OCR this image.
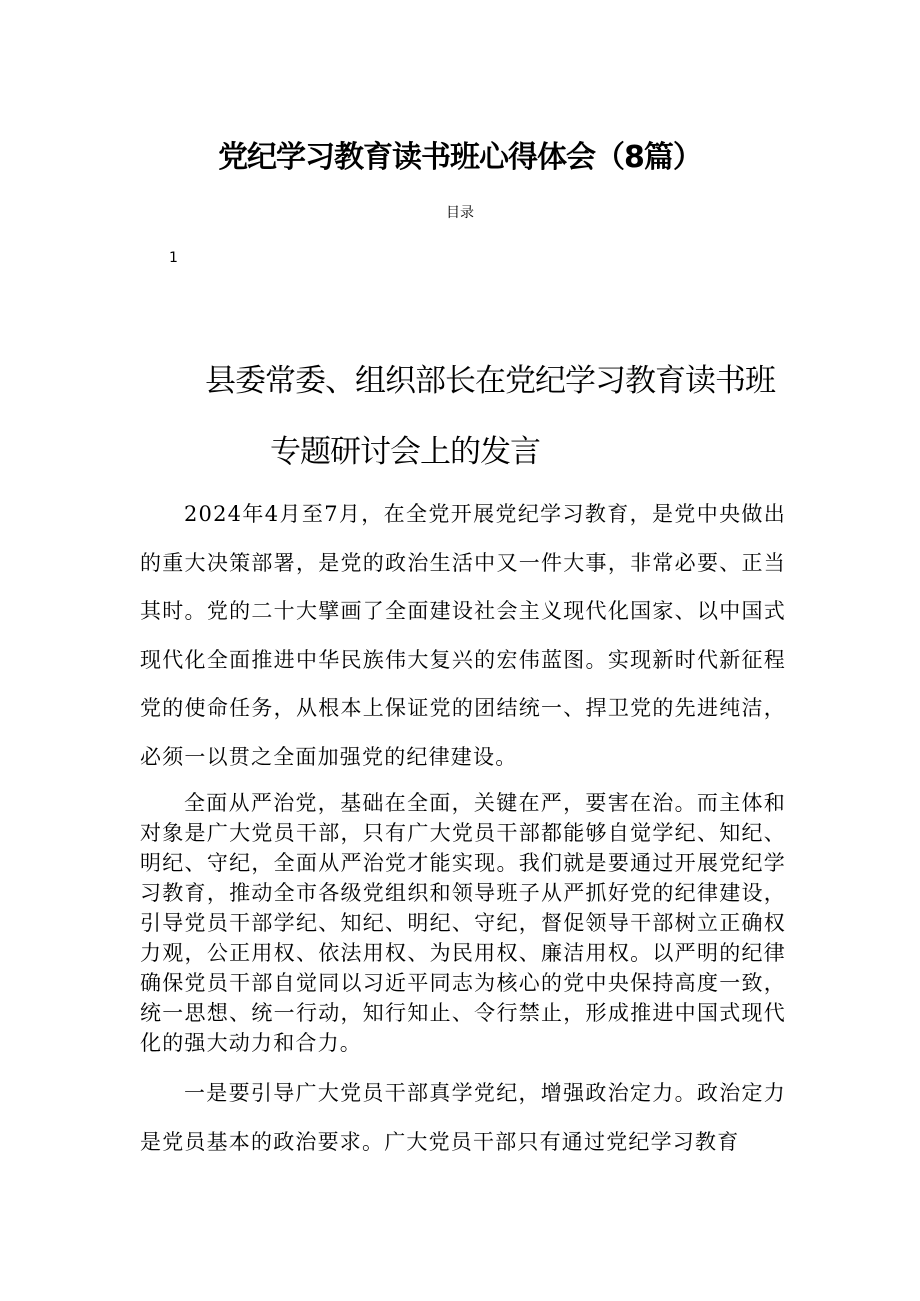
党纪学习教育读书班心得体会（8篇）
目录
1
县委常委、组织部长在党纪学习教育读书班
专题研讨会上的发言

2024年4月至7月，在全党开展党纪学习教育，是党中央做出的重大决策部署，是党的政治生活中又一件大事，非常必要、正当其时。党的二十大擘画了全面建设社会主义现代化国家、以中国式现代化全面推进中华民族伟大复兴的宏伟蓝图。实现新时代新征程党的使命任务，从根本上保证党的团结统一、捍卫党的先进纯洁，必须一以贯之全面加强党的纪律建设。

全面从严治党，基础在全面，关键在严，要害在治。而主体和对象是广大党员干部，只有广大党员干部都能够自觉学纪、知纪、明纪、守纪，全面从严治党才能实现。我们就是要通过开展党纪学习教育，推动全市各级党组织和领导班子从严抓好党的纪律建设，引导党员干部学纪、知纪、明纪、守纪，督促领导干部树立正确权力观，公正用权、依法用权、为民用权、廉洁用权。以严明的纪律确保党员干部自觉同以习近平同志为核心的党中央保持高度一致，统一思想、统一行动，知行知止、令行禁止，形成推进中国式现代化的强大动力和合力。

一是要引导广大党员干部真学党纪，增强政治定力。政治定力是党员基本的政治要求。广大党员干部只有通过党纪学习教育
